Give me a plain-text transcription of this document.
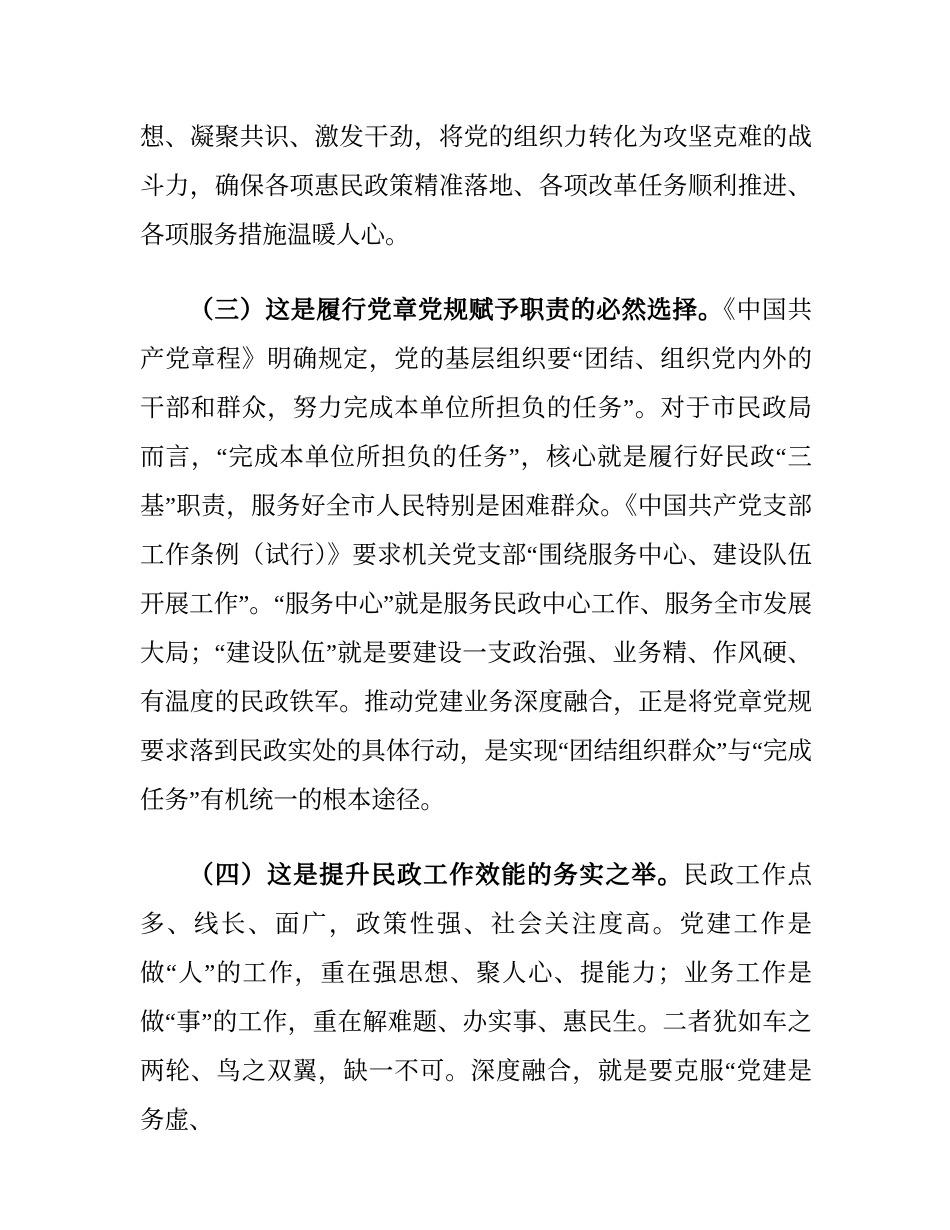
想、凝聚共识、激发干劲，将党的组织力转化为攻坚克难的战斗力，确保各项惠民政策精准落地、各项改革任务顺利推进、各项服务措施温暖人心。

（三）这是履行党章党规赋予职责的必然选择。《中国共产党章程》明确规定，党的基层组织要“团结、组织党内外的干部和群众，努力完成本单位所担负的任务”。对于市民政局而言，“完成本单位所担负的任务”，核心就是履行好民政“三基”职责，服务好全市人民特别是困难群众。《中国共产党支部工作条例（试行）》要求机关党支部“围绕服务中心、建设队伍开展工作”。“服务中心”就是服务民政中心工作、服务全市发展大局；“建设队伍”就是要建设一支政治强、业务精、作风硬、有温度的民政铁军。推动党建业务深度融合，正是将党章党规要求落到民政实处的具体行动，是实现“团结组织群众”与“完成任务”有机统一的根本途径。

（四）这是提升民政工作效能的务实之举。民政工作点多、线长、面广，政策性强、社会关注度高。党建工作是做“人”的工作，重在强思想、聚人心、提能力；业务工作是做“事”的工作，重在解难题、办实事、惠民生。二者犹如车之两轮、鸟之双翼，缺一不可。深度融合，就是要克服“党建是务虚、
